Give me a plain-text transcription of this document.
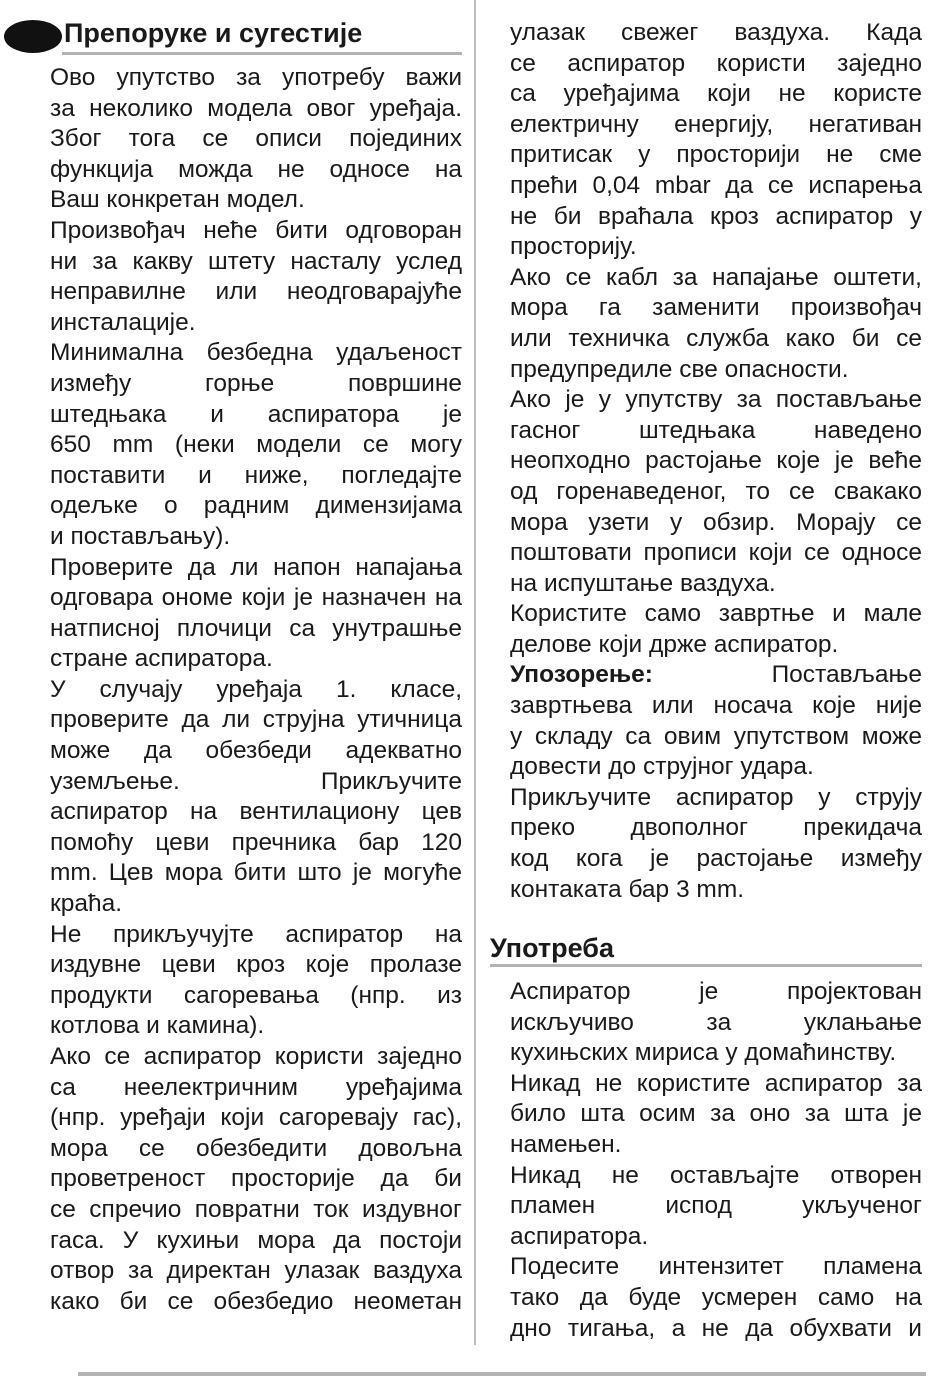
Препоруке и сугестије

Ово упутство за употребу важи
за неколико модела овог уређаја.
Због тога се описи појединих
функција можда не односе на
Ваш конкретан модел.

Произвођач неће бити одговоран
ни за какву штету насталу услед
неправилне или неодговарајуће
инсталације.

Минимална безбедна удаљеност
између горње површине
штедњака и аспиратора је
650 mm (неки модели се могу
поставити и ниже, погледајте
одељке о радним димензијама
и постављању).

Проверите да ли напон напајања
одговара ономе који је назначен на
натписној плочици са унутрашње
стране аспиратора.

У случају уређаја 1. класе,
проверите да ли струјна утичница
може да обезбеди адекватно
уземљење. Прикључите
аспиратор на вентилациону цев
помоћу цеви пречника бар 120
mm. Цев мора бити што је могуће
краћа.

Не прикључујте аспиратор на
издувне цеви кроз које пролазе
продукти сагоревања (нпр. из
котлова и камина).

Ако се аспиратор користи заједно
са неелектричним уређајима
(нпр. уређаји који сагоревају гас),
мора се обезбедити довољна
проветреност просторије да би
се спречио повратни ток издувног
гаса. У кухињи мора да постоји
отвор за директан улазак ваздуха
како би се обезбедио неометан

улазак свежег ваздуха. Када
се аспиратор користи заједно
са уређајима који не користе
електричну енергију, негативан
притисак у просторији не сме
прећи 0,04 mbar да се испарења
не би враћала кроз аспиратор у
просторију.

Ако се кабл за напајање оштети,
мора га заменити произвођач
или техничка служба како би се
предупредиле све опасности.

Ако је у упутству за постављање
гасног штедњака наведено
неопходно растојање које је веће
од горенаведеног, то се свакако
мора узети у обзир. Морају се
поштовати прописи који се односе
на испуштање ваздуха.

Користите само завртње и мале
делове који држе аспиратор.

Упозорење:	Постављање
завртњева или носача које није
у складу са овим упутством може
довести до струјног удара.

Прикључите аспиратор у струју
преко двополног прекидача
код кога је растојање између
контаката бар 3 mm.

Употреба

Аспиратор је пројектован
искључиво за уклањање
кухињских мириса у домаћинству.

Никад не користите аспиратор за
било шта осим за оно за шта је
намењен.

Никад не остављајте отворен
пламен испод укљученог
аспиратора.

Подесите интензитет пламена
тако да буде усмерен само на
дно тигања, а не да обухвати и
